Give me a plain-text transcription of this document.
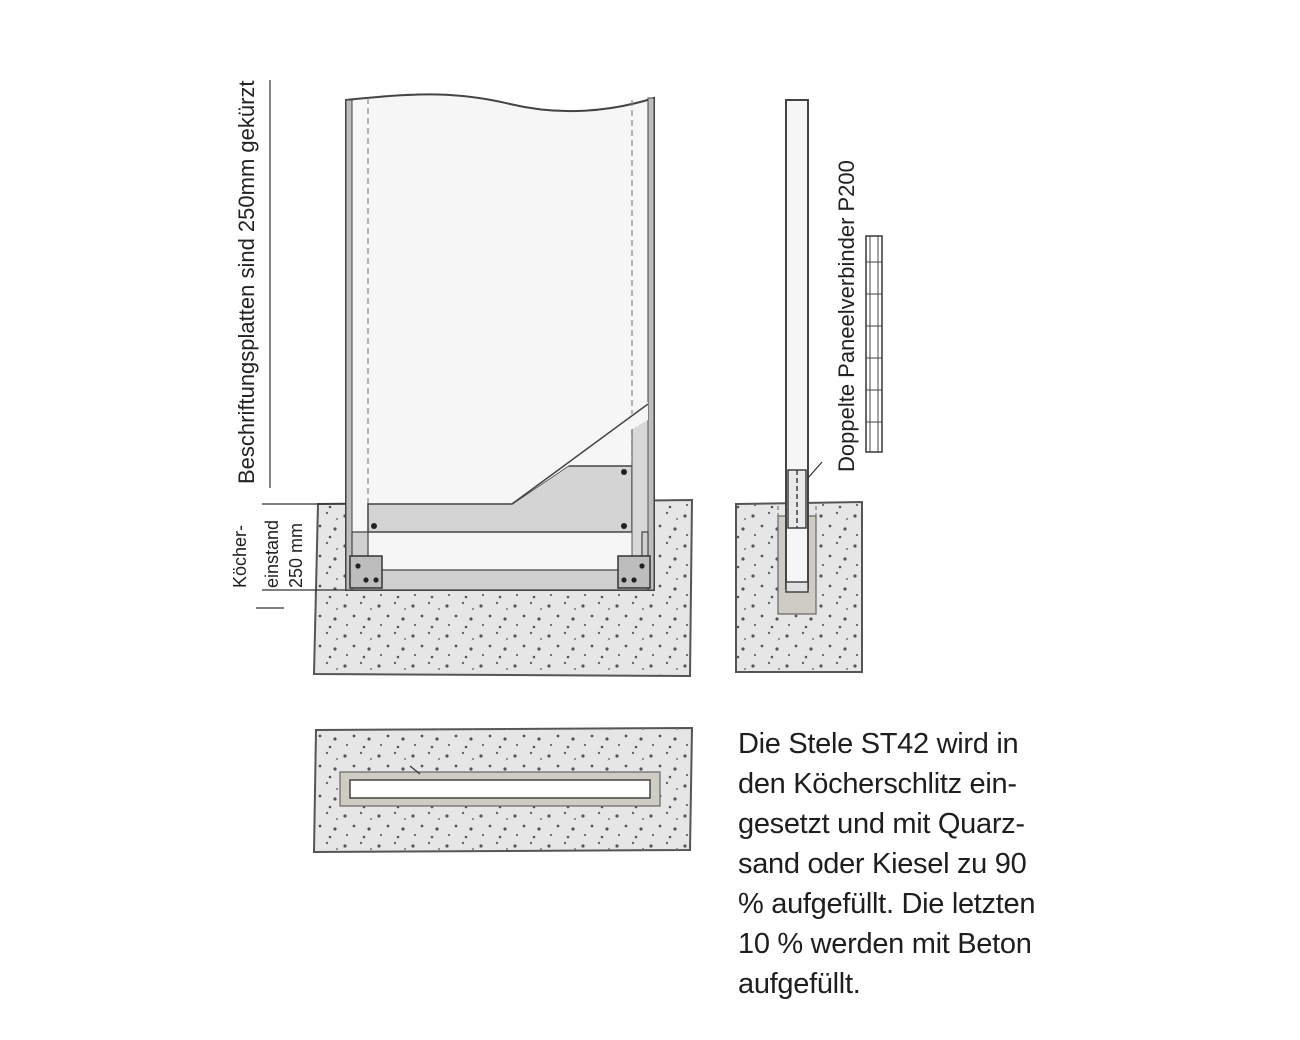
Beschriftungsplatten sind 250mm gekürzt
Köcher- einstand 250 mm
Doppelte Paneelverbinder P200
Die Stele ST42 wird in
den Köcherschlitz ein-
gesetzt und mit Quarz-
sand oder Kiesel zu 90
% aufgefüllt. Die letzten
10 % werden mit Beton
aufgefüllt.
